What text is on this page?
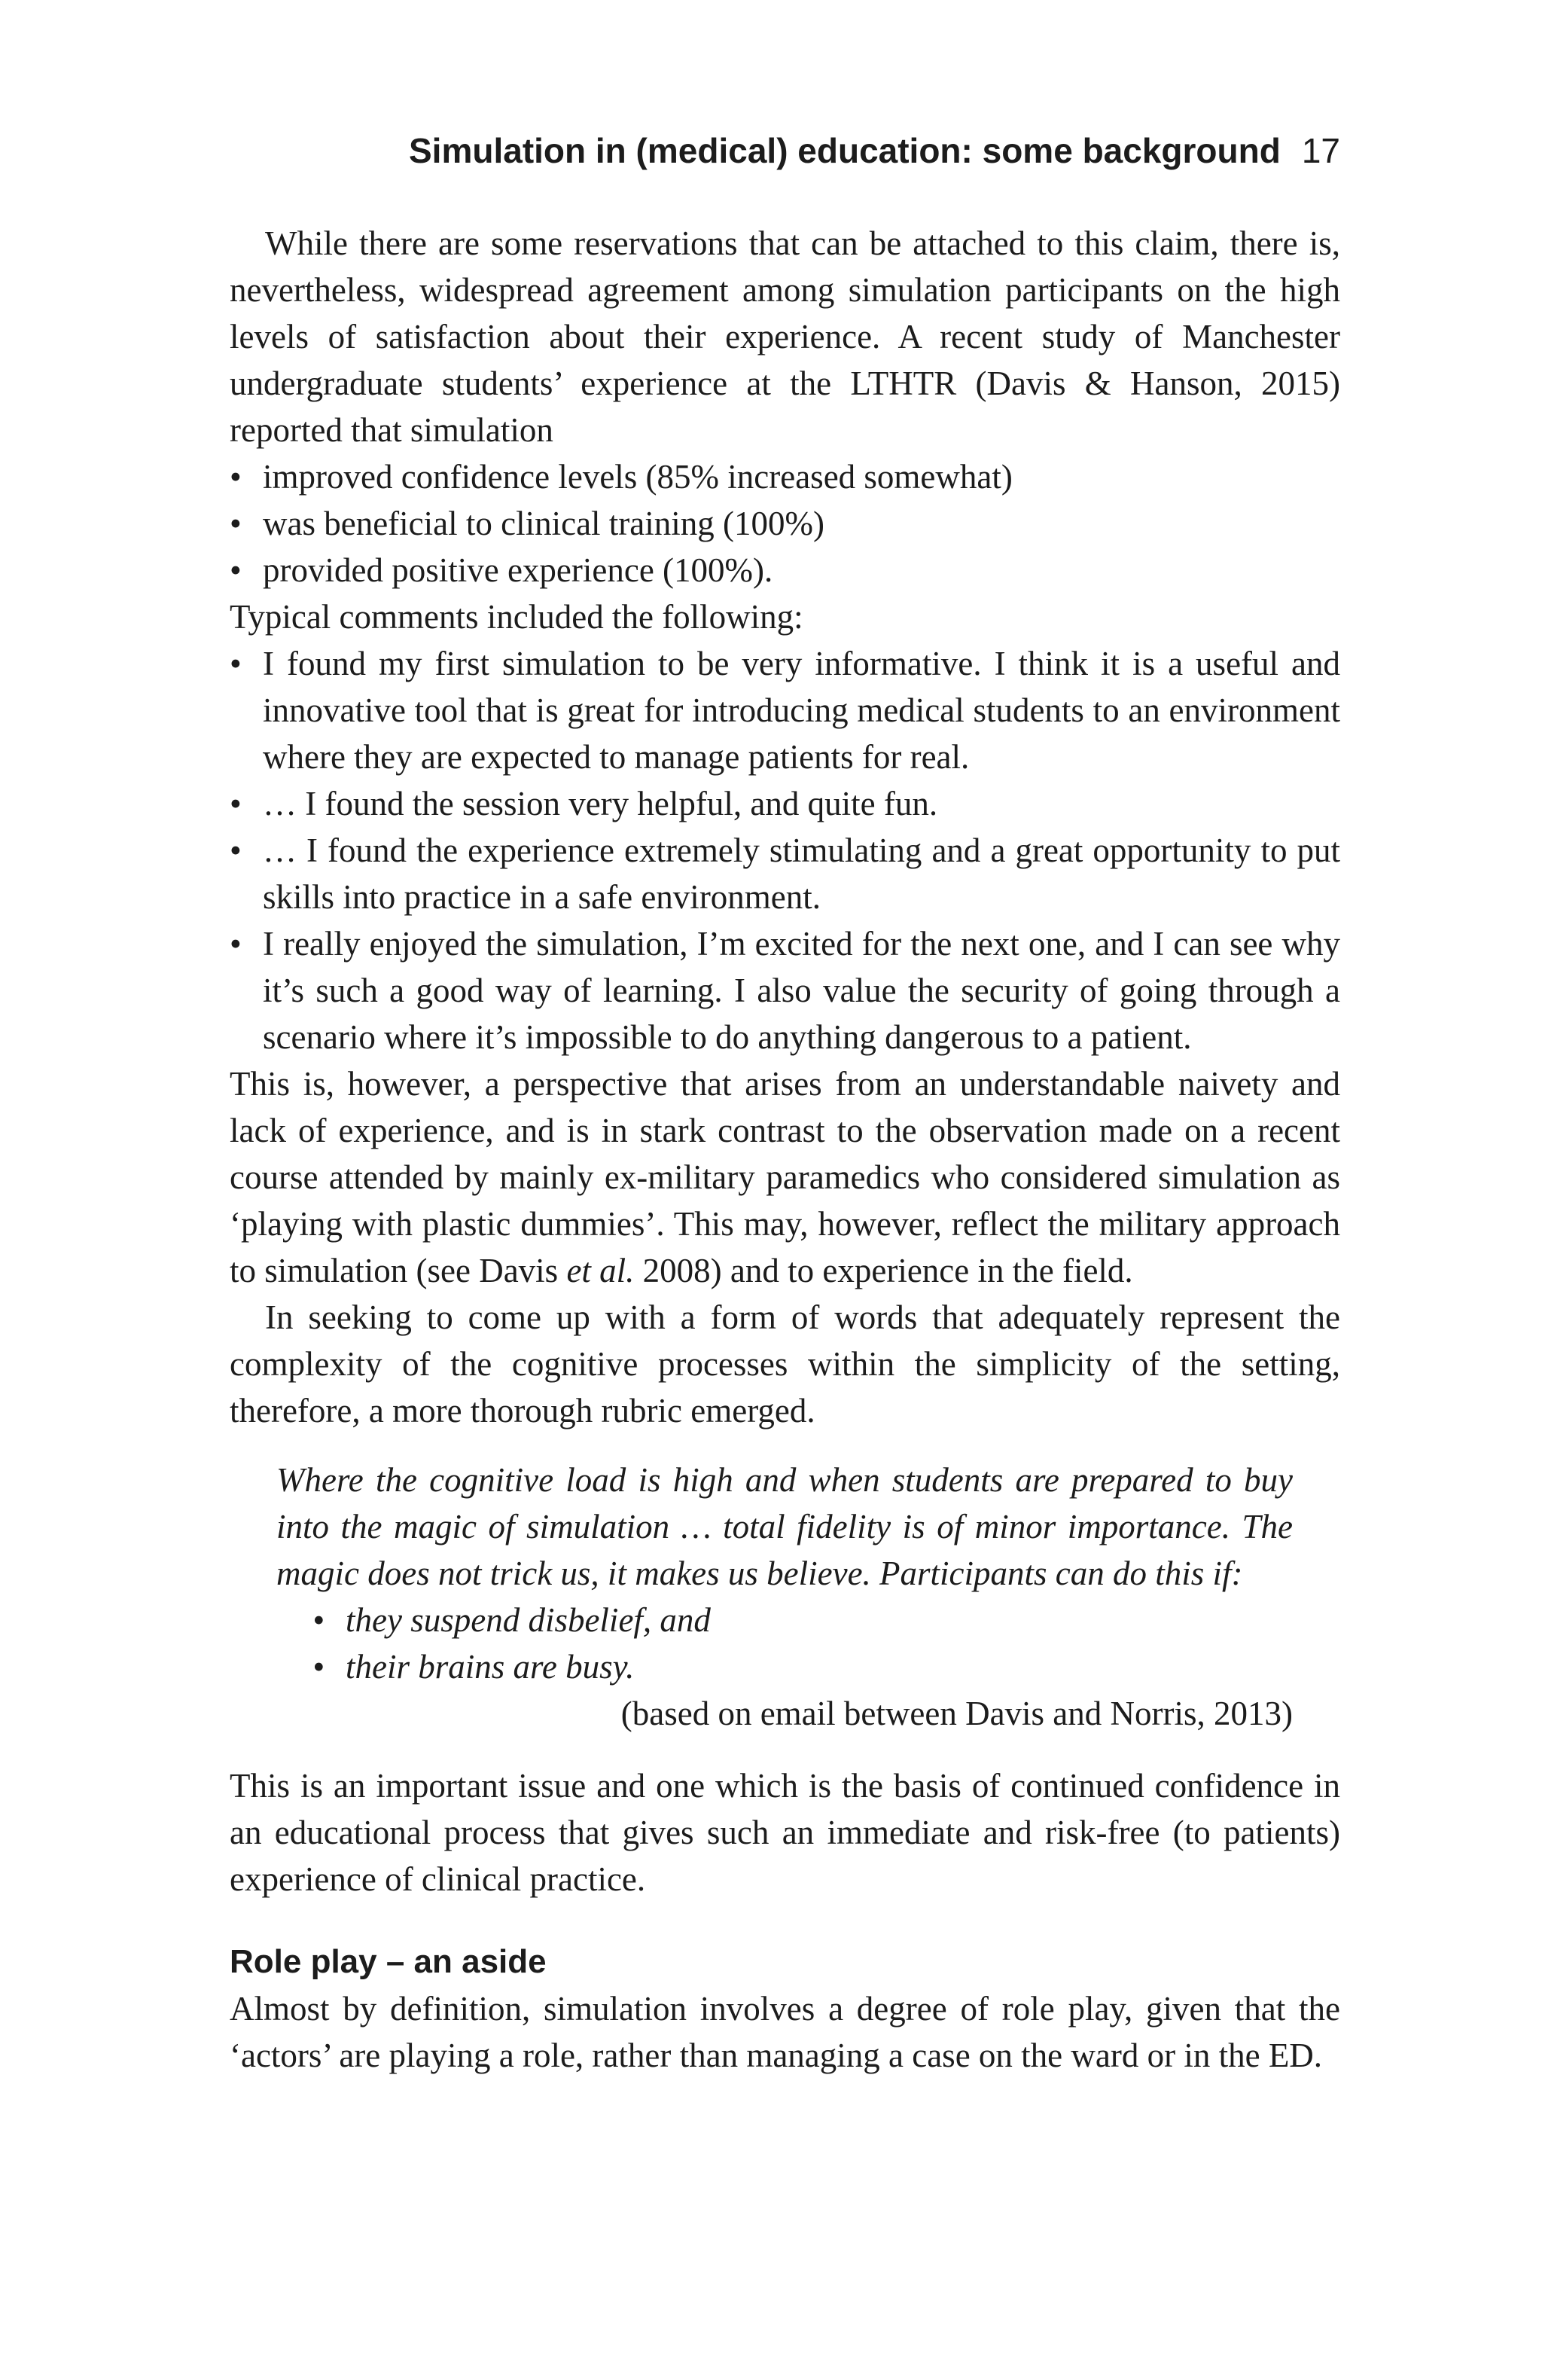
Simulation in (medical) education: some background 17

While there are some reservations that can be attached to this claim, there is, nevertheless, widespread agreement among simulation participants on the high levels of satisfaction about their experience. A recent study of Manchester undergraduate students’ experience at the LTHTR (Davis & Hanson, 2015) reported that simulation

• improved confidence levels (85% increased somewhat)
• was beneficial to clinical training (100%)
• provided positive experience (100%).

Typical comments included the following:

• I found my first simulation to be very informative. I think it is a useful and innovative tool that is great for introducing medical students to an environment where they are expected to manage patients for real.
• … I found the session very helpful, and quite fun.
• … I found the experience extremely stimulating and a great opportunity to put skills into practice in a safe environment.
• I really enjoyed the simulation, I’m excited for the next one, and I can see why it’s such a good way of learning. I also value the security of going through a scenario where it’s impossible to do anything dangerous to a patient.

This is, however, a perspective that arises from an understandable naivety and lack of experience, and is in stark contrast to the observation made on a recent course attended by mainly ex-military paramedics who considered simulation as ‘playing with plastic dummies’. This may, however, reflect the military approach to simulation (see Davis et al. 2008) and to experience in the field.

In seeking to come up with a form of words that adequately represent the complexity of the cognitive processes within the simplicity of the setting, therefore, a more thorough rubric emerged.

Where the cognitive load is high and when students are prepared to buy into the magic of simulation … total fidelity is of minor importance. The magic does not trick us, it makes us believe. Participants can do this if:

• they suspend disbelief, and
• their brains are busy.

(based on email between Davis and Norris, 2013)

This is an important issue and one which is the basis of continued confidence in an educational process that gives such an immediate and risk-free (to patients) experience of clinical practice.

Role play – an aside

Almost by definition, simulation involves a degree of role play, given that the ‘actors’ are playing a role, rather than managing a case on the ward or in the ED.
